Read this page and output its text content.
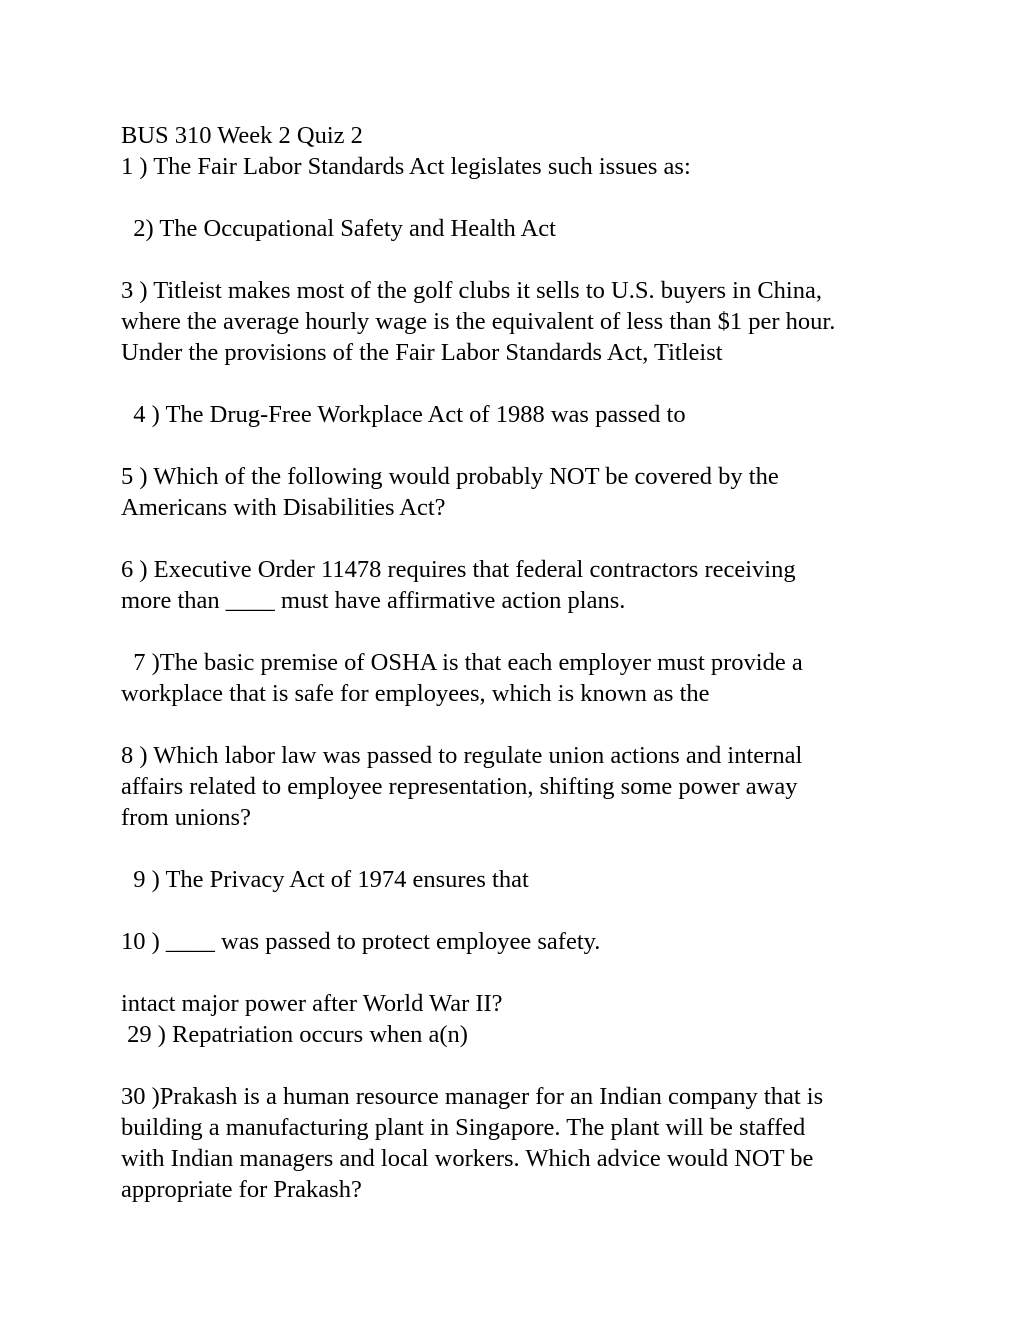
BUS 310 Week 2 Quiz 2
1 ) The Fair Labor Standards Act legislates such issues as:
2) The Occupational Safety and Health Act
3 ) Titleist makes most of the golf clubs it sells to U.S. buyers in China,
where the average hourly wage is the equivalent of less than $1 per hour.
Under the provisions of the Fair Labor Standards Act, Titleist
4 ) The Drug-Free Workplace Act of 1988 was passed to
5 ) Which of the following would probably NOT be covered by the
Americans with Disabilities Act?
6 ) Executive Order 11478 requires that federal contractors receiving
more than ____ must have affirmative action plans.
7 )The basic premise of OSHA is that each employer must provide a
workplace that is safe for employees, which is known as the
8 ) Which labor law was passed to regulate union actions and internal
affairs related to employee representation, shifting some power away
from unions?
9 ) The Privacy Act of 1974 ensures that
10 ) ____ was passed to protect employee safety.
intact major power after World War II?
29 ) Repatriation occurs when a(n)
30 )Prakash is a human resource manager for an Indian company that is
building a manufacturing plant in Singapore. The plant will be staffed
with Indian managers and local workers. Which advice would NOT be
appropriate for Prakash?
